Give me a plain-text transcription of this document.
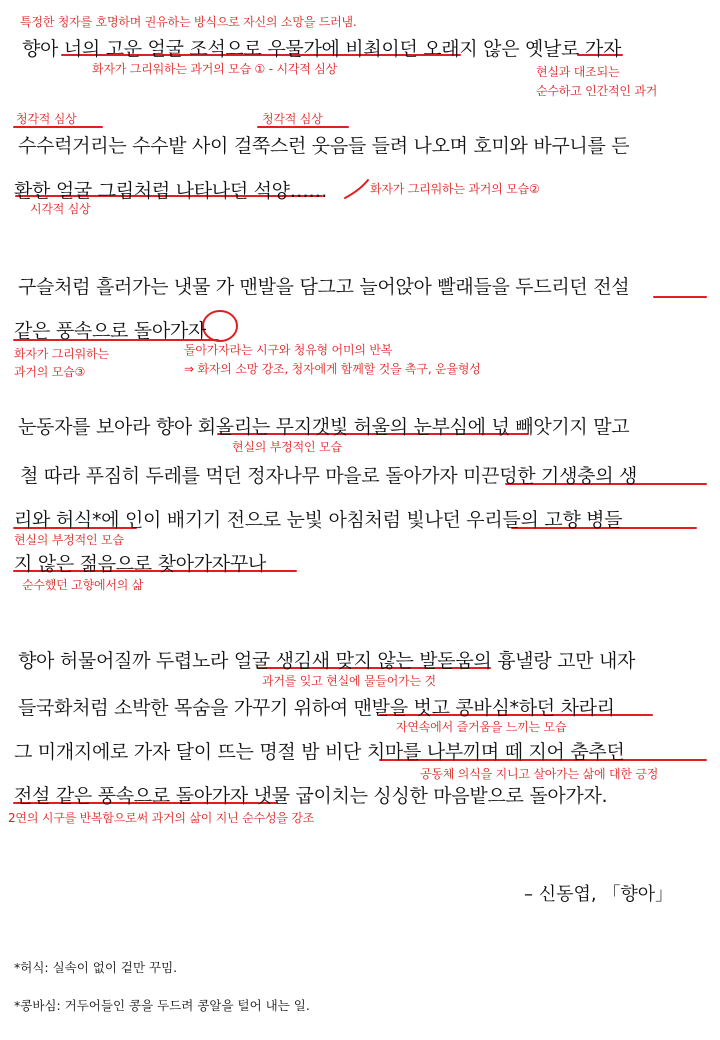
향아 너의 고운 얼굴 조석으로 우물가에 비최이던 오래지 않은 옛날로 가자
수수럭거리는 수수밭 사이 걸쭉스런 웃음들 들려 나오며 호미와 바구니를 든
환한 얼굴 그림처럼 나타나던 석양……
구슬처럼 흘러가는 냇물 가 맨발을 담그고 늘어앉아 빨래들을 두드리던 전설
같은 풍속으로 돌아가자
눈동자를 보아라 향아 회올리는 무지갯빛 허울의 눈부심에 넋 빼앗기지 말고
철 따라 푸짐히 두레를 먹던 정자나무 마을로 돌아가자 미끈덩한 기생충의 생
리와 허식*에 인이 배기기 전으로 눈빛 아침처럼 빛나던 우리들의 고향 병들
지 않은 젊음으로 찾아가자꾸나
향아 허물어질까 두렵노라 얼굴 생김새 맞지 않는 발돋움의 흉낼랑 고만 내자
들국화처럼 소박한 목숨을 가꾸기 위하여 맨발을 벗고 콩바심*하던 차라리
그 미개지에로 가자 달이 뜨는 명절 밤 비단 치마를 나부끼며 떼 지어 춤추던
전설 같은 풍속으로 돌아가자 냇물 굽이치는 싱싱한 마음밭으로 돌아가자.
특정한 청자를 호명하며 권유하는 방식으로 자신의 소망을 드러냄.
화자가 그리워하는 과거의 모습 ① - 시각적 심상	현실과 대조되는
순수하고 인간적인 과거
청각적 심상	청각적 심상
화자가 그리워하는 과거의 모습②
시각적 심상
화자가 그리워하는
과거의 모습③
돌아가자라는 시구와 청유형 어미의 반복
⇒ 화자의 소망 강조, 청자에게 함께할 것을 촉구, 운율형성
현실의 부정적인 모습
현실의 부정적인 모습
순수했던 고향에서의 삶
과거를 잊고 현실에 물들어가는 것
자연속에서 즐거움을 느끼는 모습
공동체 의식을 지니고 살아가는 삶에 대한 긍정
2연의 시구를 반복함으로써 과거의 삶이 지닌 순수성을 강조
– 신동엽, 「향아」
*허식: 실속이 없이 겉만 꾸밈.
*콩바심: 거두어들인 콩을 두드려 콩알을 털어 내는 일.
